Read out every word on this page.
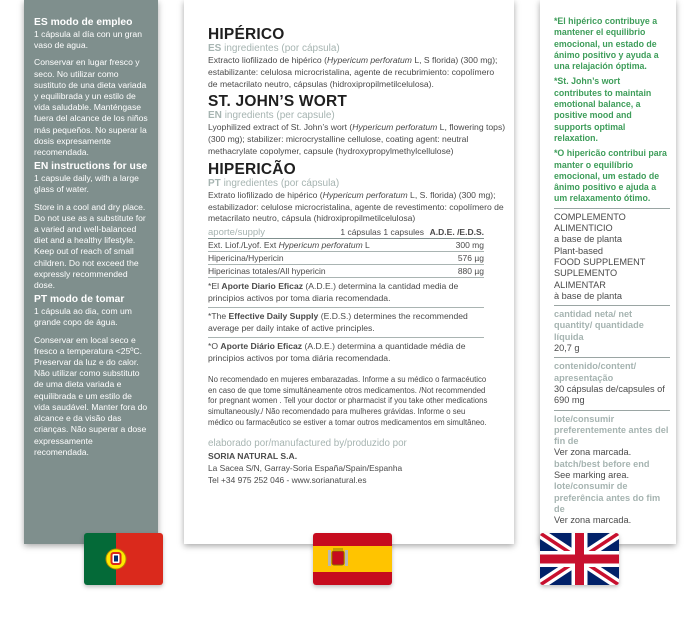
ES modo de empleo
1 cápsula al día con un gran vaso de agua.
Conservar en lugar fresco y seco. No utilizar como sustituto de una dieta variada y equilibrada y un estilo de vida saludable. Manténgase fuera del alcance de los niños más pequeños. No superar la dosis expresamente recomendada.
EN instructions for use
1 capsule daily, with a large glass of water.
Store in a cool and dry place. Do not use as a substitute for a varied and well-balanced diet and a healthy lifestyle. Keep out of reach of small children. Do not exceed the expressly recommended dose.
PT modo de tomar
1 cápsula ao dia, com um grande copo de água.
Conservar em local seco e fresco a temperatura <25ºC. Preservar da luz e do calor. Não utilizar como substituto de uma dieta variada e equilibrada e um estilo de vida saudável. Manter fora do alcance e da visão das crianças. Não superar a dose expressamente recomendada.
HIPÉRICO
ES ingredientes (por cápsula)
Extracto liofilizado de hipérico (Hypericum perforatum L, S florida) (300 mg); estabilizante: celulosa microcristalina, agente de recubrimiento: copolímero de metacrilato neutro, cápsulas (hidroxipropilmetilcelulosa).
ST. JOHN’S WORT
EN ingredients (per capsule)
Lyophilized extract of St. John’s wort (Hypericum perforatum L, flowering tops) (300 mg); stabilizer: microcrystalline cellulose, coating agent: neutral methacrylate copolymer, capsule (hydroxypropylmethylcellulose)
HIPERICÃO
PT ingredientes (por cápsula)
Extrato liofilizado de hipérico (Hypericum perforatum L, S. florida) (300 mg); estabilizador: celulose microcristalina, agente de revestimento: copolímero de metacrilato neutro, cápsula (hidroxipropilmetilcelulosa)
aporte/supply	1 cápsulas 1 capsules A.D.E. /E.D.S.
Ext. Liof./Lyof. Ext Hypericum perforatum L	300 mg
Hipericina/Hypericin	576 µg
Hipericinas totales/All hypericin	880 µg
*El Aporte Diario Eficaz (A.D.E.) determina la cantidad media de principios activos por toma diaria recomendada.
*The Effective Daily Supply (E.D.S.) determines the recommended average per daily intake of active principles.
*O Aporte Diário Eficaz (A.D.E.) determina a quantidade média de principios activos por toma diária recomendada.
No recomendado en mujeres embarazadas. Informe a su médico o farmacéutico en caso de que tome simultáneamente otros medicamentos. /Not recommended for pregnant women . Tell your doctor or pharmacist if you take other medications simultaneously./ Não recomendado para mulheres grávidas. Informe o seu médico ou farmacêutico se estiver a tomar outros medicamentos em simultâneo.
elaborado por/manufactured by/produzido por
SORIA NATURAL S.A.
La Sacea S/N, Garray-Soria España/Spain/Espanha
Tel +34 975 252 046 - www.sorianatural.es
*El hipérico contribuye a mantener el equilibrio emocional, un estado de ánimo positivo y ayuda a una relajación óptima.
*St. John’s wort contributes to maintain emotional balance, a positive mood and supports optimal relaxation.
*O hipericão contribui para manter o equilíbrio emocional, um estado de ânimo positivo e ajuda a um relaxamento ótimo.
COMPLEMENTO ALIMENTICIO
a base de planta
Plant-based
FOOD SUPPLEMENT
SUPLEMENTO ALIMENTAR
à base de planta
cantidad neta/ net quantity/ quantidade líquida
20,7 g
contenido/content/ apresentação
30 cápsulas de/capsules of 690 mg
lote/consumir preferentemente antes del fin de
Ver zona marcada.
batch/best before end
See marking area.
lote/consumir de preferência antes do fim de
Ver zona marcada.
